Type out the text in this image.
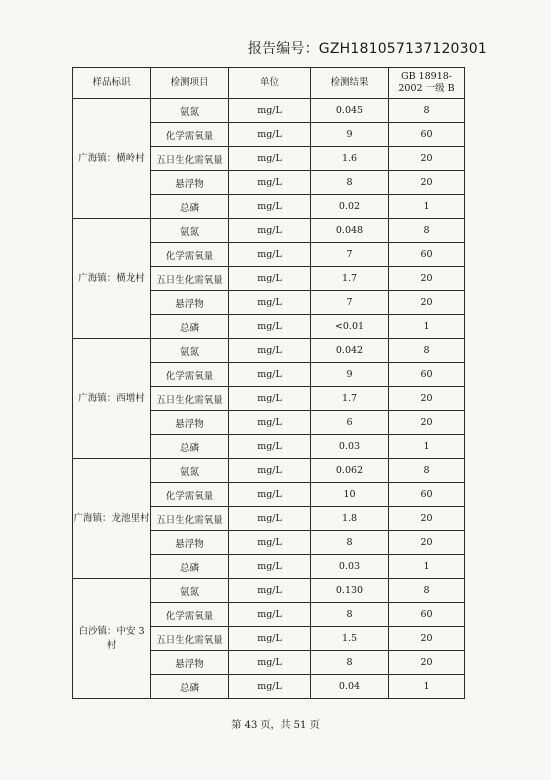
报告编号：GZH181057137120301
样品标识	检测项目	单位	检测结果	GB 18918-2002 一级 B
广海镇：横岭村	氨氮	mg/L	0.045	8
	化学需氧量	mg/L	9	60
	五日生化需氧量	mg/L	1.6	20
	悬浮物	mg/L	8	20
	总磷	mg/L	0.02	1
广海镇：横龙村	氨氮	mg/L	0.048	8
	化学需氧量	mg/L	7	60
	五日生化需氧量	mg/L	1.7	20
	悬浮物	mg/L	7	20
	总磷	mg/L	<0.01	1
广海镇：西增村	氨氮	mg/L	0.042	8
	化学需氧量	mg/L	9	60
	五日生化需氧量	mg/L	1.7	20
	悬浮物	mg/L	6	20
	总磷	mg/L	0.03	1
广海镇：龙池里村	氨氮	mg/L	0.062	8
	化学需氧量	mg/L	10	60
	五日生化需氧量	mg/L	1.8	20
	悬浮物	mg/L	8	20
	总磷	mg/L	0.03	1
白沙镇：中安 3 村	氨氮	mg/L	0.130	8
	化学需氧量	mg/L	8	60
	五日生化需氧量	mg/L	1.5	20
	悬浮物	mg/L	8	20
	总磷	mg/L	0.04	1
第 43 页，共 51 页
